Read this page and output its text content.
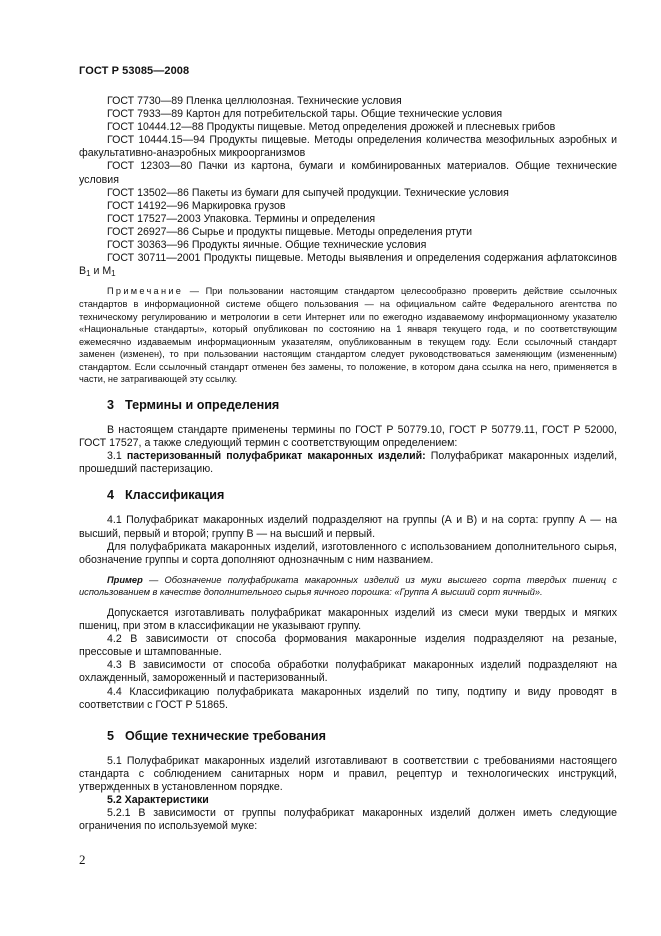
ГОСТ Р 53085—2008

ГОСТ 7730—89 Пленка целлюлозная. Технические условия

ГОСТ 7933—89 Картон для потребительской тары. Общие технические условия

ГОСТ 10444.12—88 Продукты пищевые. Метод определения дрожжей и плесневых грибов

ГОСТ 10444.15—94 Продукты пищевые. Методы определения количества мезофильных аэробных и факультативно-анаэробных микроорганизмов

ГОСТ 12303—80 Пачки из картона, бумаги и комбинированных материалов. Общие технические условия

ГОСТ 13502—86 Пакеты из бумаги для сыпучей продукции. Технические условия

ГОСТ 14192—96 Маркировка грузов

ГОСТ 17527—2003 Упаковка. Термины и определения

ГОСТ 26927—86 Сырье и продукты пищевые. Методы определения ртути

ГОСТ 30363—96 Продукты яичные. Общие технические условия

ГОСТ 30711—2001 Продукты пищевые. Методы выявления и определения содержания афлатоксинов $B_1$ и $M_1$

Примечание — При пользовании настоящим стандартом целесообразно проверить действие ссылочных стандартов в информационной системе общего пользования — на официальном сайте Федерального агентства по техническому регулированию и метрологии в сети Интернет или по ежегодно издаваемому информационному указателю «Национальные стандарты», который опубликован по состоянию на 1 января текущего года, и по соответствующим ежемесячно издаваемым информационным указателям, опубликованным в текущем году. Если ссылочный стандарт заменен (изменен), то при пользовании настоящим стандартом следует руководствоваться заменяющим (измененным) стандартом. Если ссылочный стандарт отменен без замены, то положение, в котором дана ссылка на него, применяется в части, не затрагивающей эту ссылку.

3 Термины и определения

В настоящем стандарте применены термины по ГОСТ Р 50779.10, ГОСТ Р 50779.11, ГОСТ Р 52000, ГОСТ 17527, а также следующий термин с соответствующим определением:

3.1 пастеризованный полуфабрикат макаронных изделий: Полуфабрикат макаронных изделий, прошедший пастеризацию.

4 Классификация

4.1 Полуфабрикат макаронных изделий подразделяют на группы (А и В) и на сорта: группу А — на высший, первый и второй; группу В — на высший и первый.

Для полуфабриката макаронных изделий, изготовленного с использованием дополнительного сырья, обозначение группы и сорта дополняют однозначным с ним названием.

Пример — Обозначение полуфабриката макаронных изделий из муки высшего сорта твердых пшениц с использованием в качестве дополнительного сырья яичного порошка: «Группа А высший сорт яичный».

Допускается изготавливать полуфабрикат макаронных изделий из смеси муки твердых и мягких пшениц, при этом в классификации не указывают группу.

4.2 В зависимости от способа формования макаронные изделия подразделяют на резаные, прессовые и штампованные.

4.3 В зависимости от способа обработки полуфабрикат макаронных изделий подразделяют на охлажденный, замороженный и пастеризованный.

4.4 Классификацию полуфабриката макаронных изделий по типу, подтипу и виду проводят в соответствии с ГОСТ Р 51865.

5 Общие технические требования

5.1 Полуфабрикат макаронных изделий изготавливают в соответствии с требованиями настоящего стандарта с соблюдением санитарных норм и правил, рецептур и технологических инструкций, утвержденных в установленном порядке.

5.2 Характеристики

5.2.1 В зависимости от группы полуфабрикат макаронных изделий должен иметь следующие ограничения по используемой муке:

2
